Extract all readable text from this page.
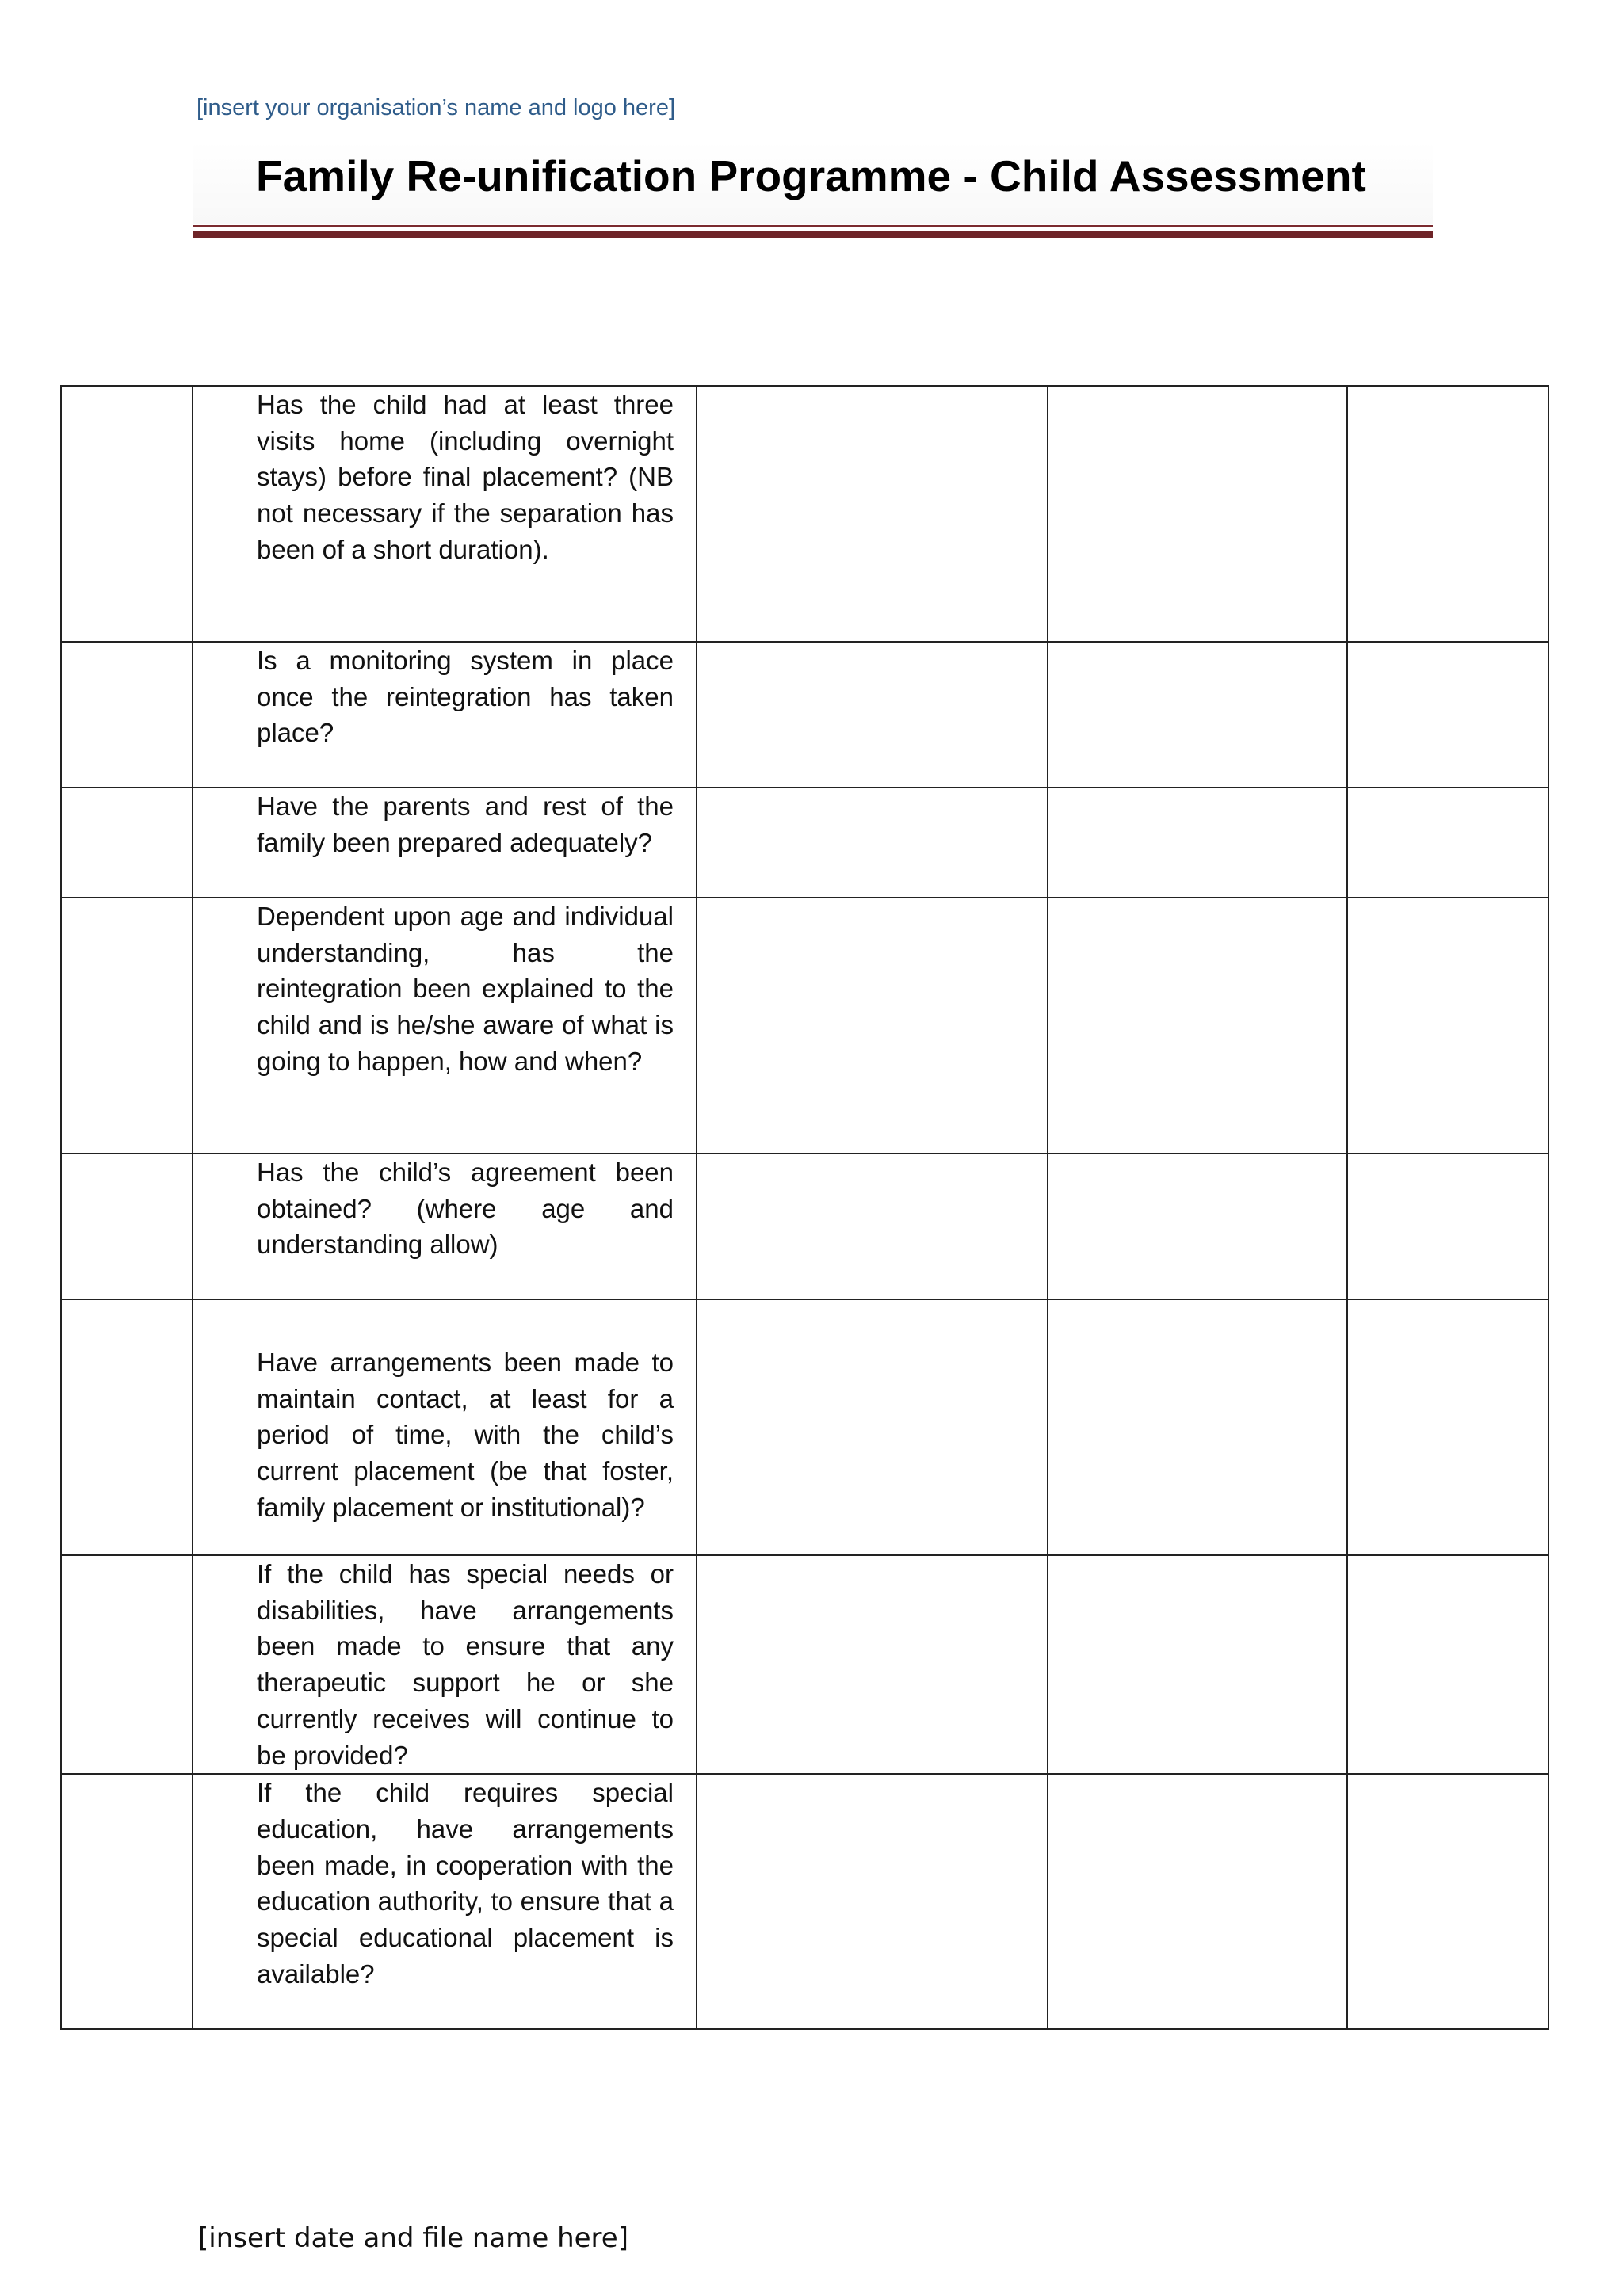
[insert your organisation’s name and logo here]
Family Re-unification Programme - Child Assessment

	Has the child had at least three visits home (including overnight stays) before final placement? (NB not necessary if the separation has been of a short duration).			

	Is a monitoring system in place once the reintegration has taken place?			

	Have the parents and rest of the family been prepared adequately?			

	Dependent upon age and individual understanding, has the reintegration been explained to the child and is he/she aware of what is going to happen, how and when?			

	Has the child’s agreement been obtained? (where age and understanding allow)			

	Have arrangements been made to maintain contact, at least for a period of time, with the child’s current placement (be that foster, family placement or institutional)?			

	If the child has special needs or disabilities, have arrangements been made to ensure that any therapeutic support he or she currently receives will continue to be provided?			

	If the child requires special education, have arrangements been made, in cooperation with the education authority, to ensure that a special educational placement is available?			

[insert date and file name here]
